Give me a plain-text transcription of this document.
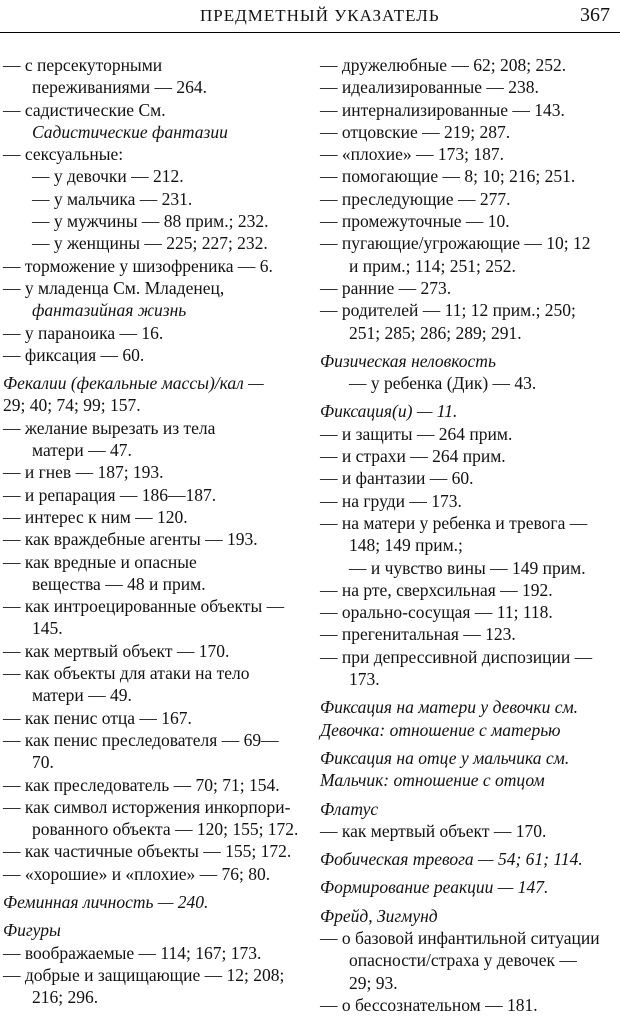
ПРЕДМЕТНЫЙ УКАЗАТЕЛЬ	367
— с персекуторными
переживаниями — 264.
— садистические См.
Садистические фантазии
— сексуальные:
— у девочки — 212.
— у мальчика — 231.
— у мужчины — 88 прим.; 232.
— у женщины — 225; 227; 232.
— торможение у шизофреника — 6.
— у младенца См. Младенец,
фантазийная жизнь
— у параноика — 16.
— фиксация — 60.
Фекалии (фекальные массы)/кал —
29; 40; 74; 99; 157.
— желание вырезать из тела
матери — 47.
— и гнев — 187; 193.
— и репарация — 186—187.
— интерес к ним — 120.
— как враждебные агенты — 193.
— как вредные и опасные
вещества — 48 и прим.
— как интроецированные объекты —
145.
— как мертвый объект — 170.
— как объекты для атаки на тело
матери — 49.
— как пенис отца — 167.
— как пенис преследователя — 69—
70.
— как преследователь — 70; 71; 154.
— как символ исторжения инкорпори-
рованного объекта — 120; 155; 172.
— как частичные объекты — 155; 172.
— «хорошие» и «плохие» — 76; 80.
Феминная личность — 240.
Фигуры
— воображаемые — 114; 167; 173.
— добрые и защищающие — 12; 208;
216; 296.
— дружелюбные — 62; 208; 252.
— идеализированные — 238.
— интернализированные — 143.
— отцовские — 219; 287.
— «плохие» — 173; 187.
— помогающие — 8; 10; 216; 251.
— преследующие — 277.
— промежуточные — 10.
— пугающие/угрожающие — 10; 12
и прим.; 114; 251; 252.
— ранние — 273.
— родителей — 11; 12 прим.; 250;
251; 285; 286; 289; 291.
Физическая неловкость
— у ребенка (Дик) — 43.
Фиксация(и) — 11.
— и защиты — 264 прим.
— и страхи — 264 прим.
— и фантазии — 60.
— на груди — 173.
— на матери у ребенка и тревога —
148; 149 прим.;
— и чувство вины — 149 прим.
— на рте, сверхсильная — 192.
— орально-сосущая — 11; 118.
— прегенитальная — 123.
— при депрессивной диспозиции —
173.
Фиксация на матери у девочки см.
Девочка: отношение с матерью
Фиксация на отце у мальчика см.
Мальчик: отношение с отцом
Флатус
— как мертвый объект — 170.
Фобическая тревога — 54; 61; 114.
Формирование реакции — 147.
Фрейд, Зигмунд
— о базовой инфантильной ситуации
опасности/страха у девочек —
29; 93.
— о бессознательном — 181.
